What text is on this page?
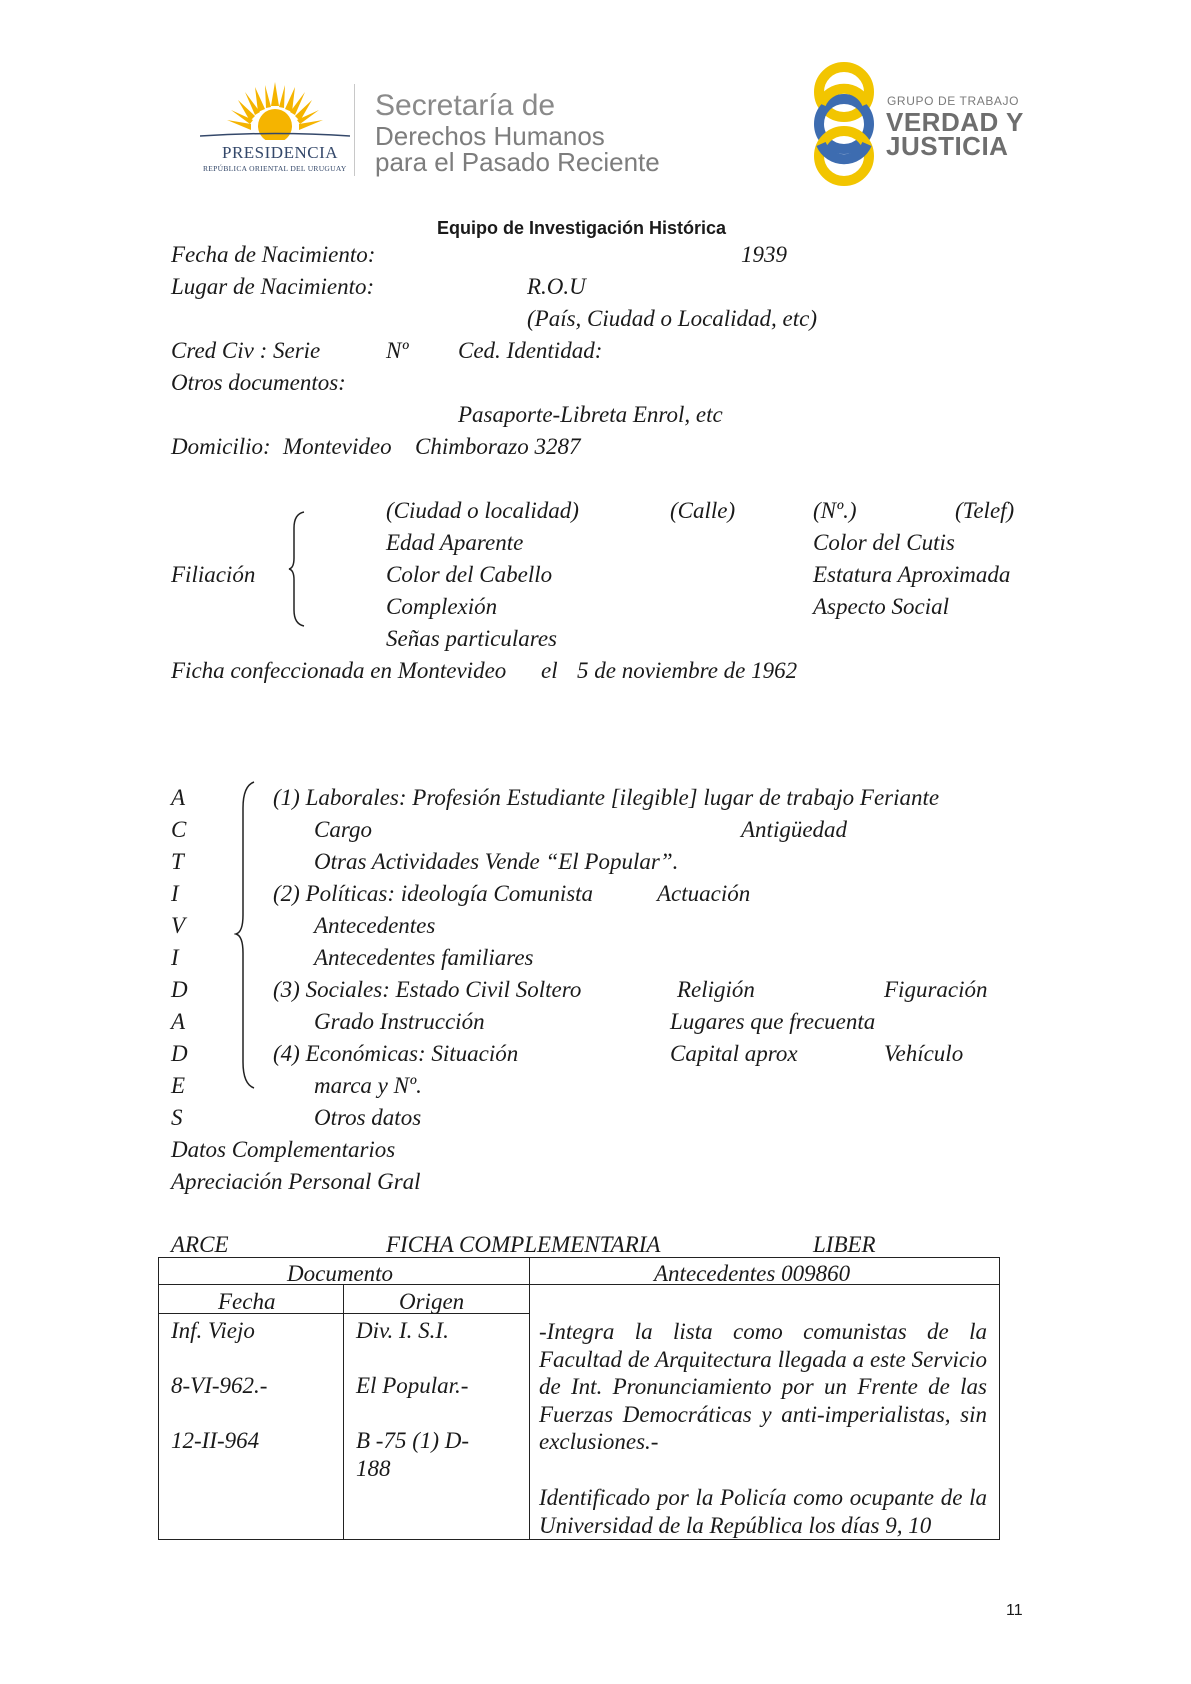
PRESIDENCIA
REPÚBLICA ORIENTAL DEL URUGUAY
Secretaría de
Derechos Humanos
para el Pasado Reciente
GRUPO DE TRABAJO
VERDAD Y
JUSTICIA
Equipo de Investigación Histórica
Fecha de Nacimiento:	1939
Lugar de Nacimiento:	R.O.U
(País, Ciudad o Localidad, etc)
Cred Civ : Serie	Nº Ced. Identidad:
Otros documentos:
Pasaporte-Libreta Enrol, etc
Domicilio: Montevideo Chimborazo 3287
(Ciudad o localidad)	(Calle)	(Nº.)	(Telef)
Filiación
Edad Aparente	Color del Cutis
Color del Cabello	Estatura Aproximada
Complexión	Aspecto Social
Señas particulares
Ficha confeccionada en Montevideo el 5 de noviembre de 1962
A
C
T
I
V
I
D
A
D
E
S
(1) Laborales: Profesión Estudiante [ilegible] lugar de trabajo Feriante
Cargo	Antigüedad
Otras Actividades Vende “El Popular”.
(2) Políticas: ideología Comunista	Actuación
Antecedentes
Antecedentes familiares
(3) Sociales: Estado Civil Soltero	Religión	Figuración
Grado Instrucción	Lugares que frecuenta
(4) Económicas: Situación	Capital aprox	Vehículo
marca y Nº.
Otros datos
Datos Complementarios
Apreciación Personal Gral
ARCE	FICHA COMPLEMENTARIA	LIBER
Documento	Antecedentes 009860
Fecha	Origen
Inf. Viejo	Div. I. S.I.
8-VI-962.-	El Popular.-
12-II-964	B -75 (1) D-
188
-Integra la lista como comunistas de la Facultad de Arquitectura llegada a este Servicio de Int. Pronunciamiento por un Frente de las Fuerzas Democráticas y anti-imperialistas, sin exclusiones.-
Identificado por la Policía como ocupante de la Universidad de la República los días 9, 10
11
